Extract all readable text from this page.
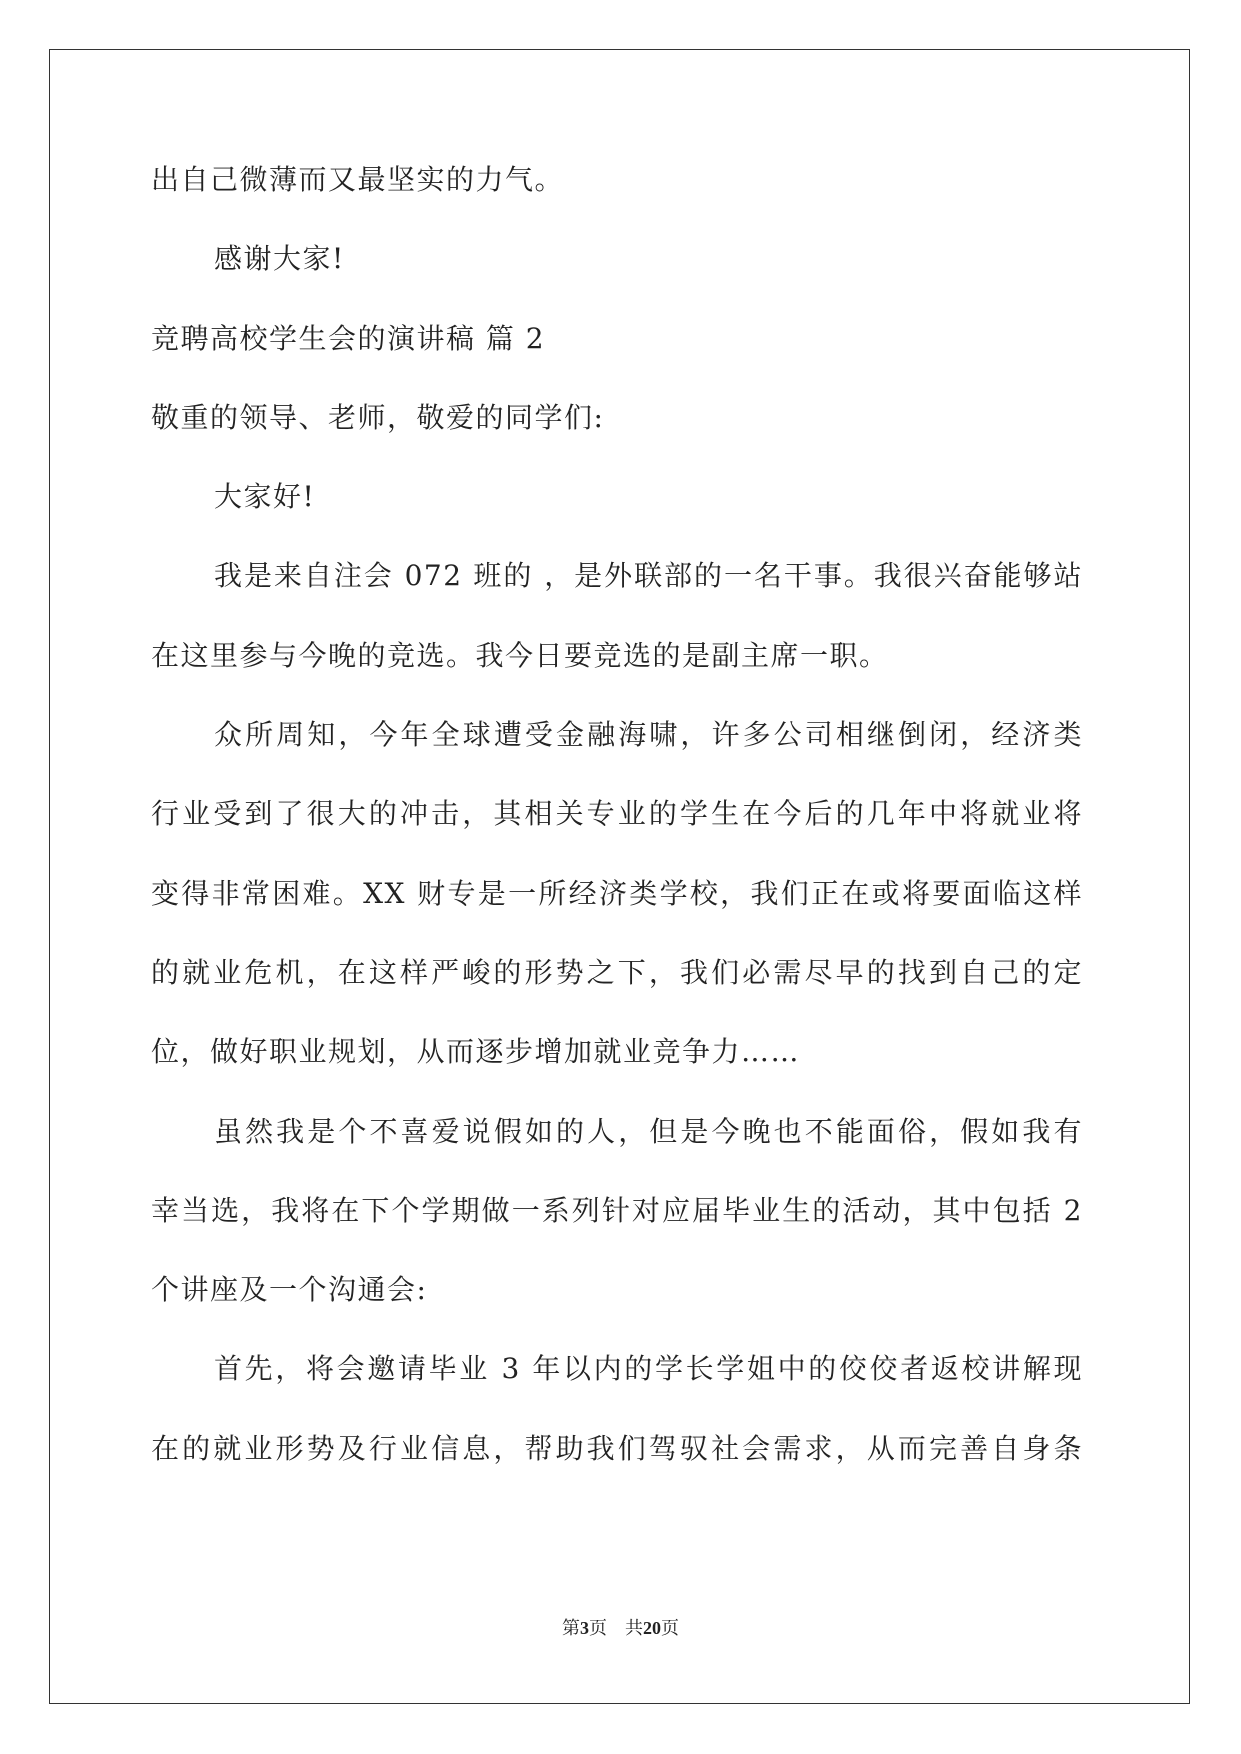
出自己微薄而又最坚实的力气。
感谢大家!
竞聘高校学生会的演讲稿 篇 2
敬重的领导、老师，敬爱的同学们:
大家好!
我是来自注会 072 班的 ，是外联部的一名干事。我很兴奋能够站
在这里参与今晚的竞选。我今日要竞选的是副主席一职。
众所周知，今年全球遭受金融海啸，许多公司相继倒闭，经济类
行业受到了很大的冲击，其相关专业的学生在今后的几年中将就业将
变得非常困难。XX 财专是一所经济类学校，我们正在或将要面临这样
的就业危机，在这样严峻的形势之下，我们必需尽早的找到自己的定
位，做好职业规划，从而逐步增加就业竞争力……
虽然我是个不喜爱说假如的人，但是今晚也不能面俗，假如我有
幸当选，我将在下个学期做一系列针对应届毕业生的活动，其中包括 2
个讲座及一个沟通会:
首先，将会邀请毕业 3 年以内的学长学姐中的佼佼者返校讲解现
在的就业形势及行业信息，帮助我们驾驭社会需求，从而完善自身条
第3页 共20页
